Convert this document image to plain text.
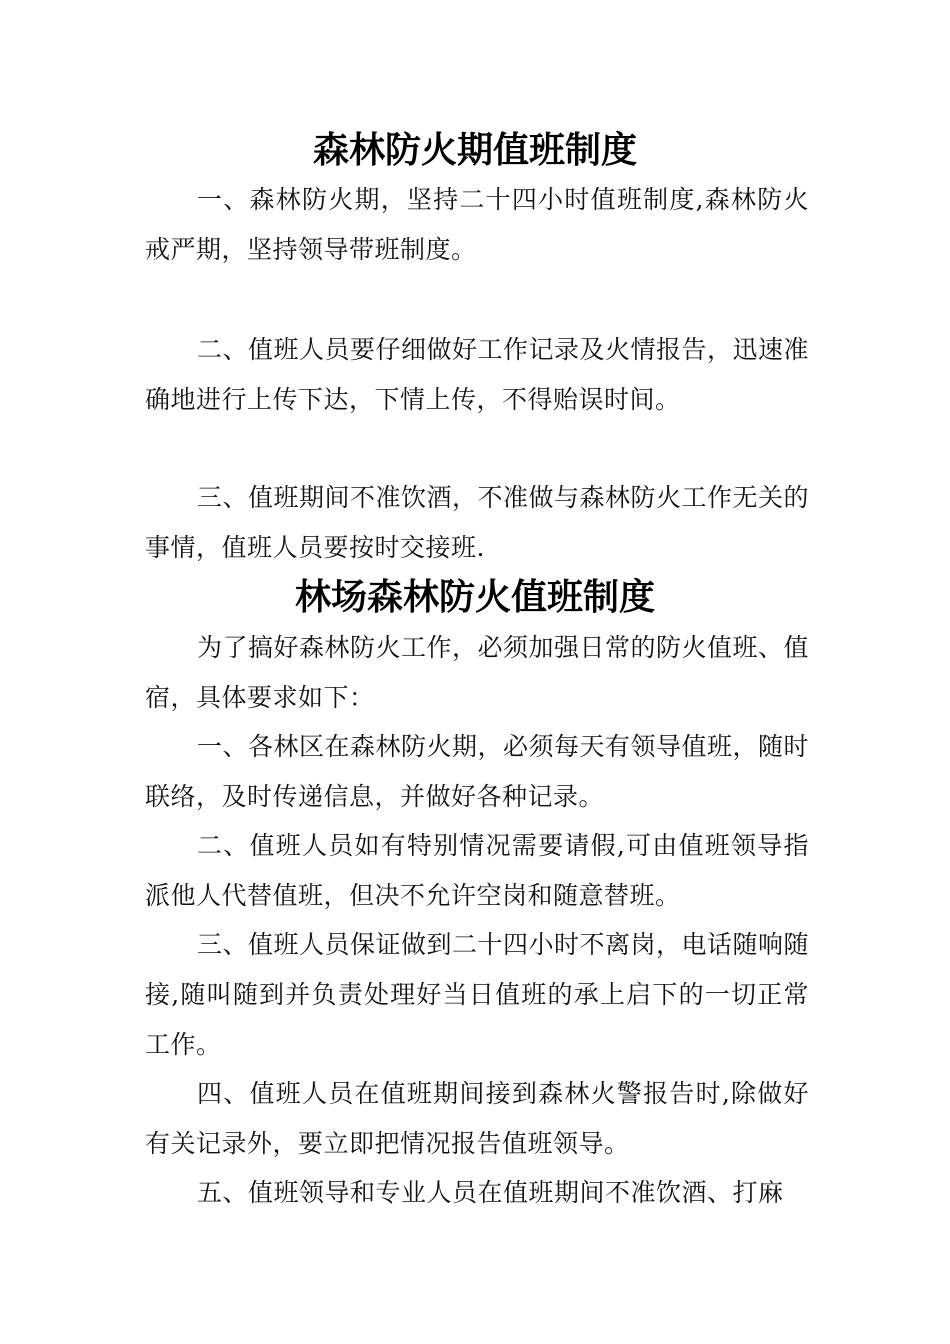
森林防火期值班制度

一、森林防火期，坚持二十四小时值班制度,森林防火戒严期，坚持领导带班制度。

二、值班人员要仔细做好工作记录及火情报告，迅速准确地进行上传下达，下情上传，不得贻误时间。

三、值班期间不准饮酒，不准做与森林防火工作无关的事情，值班人员要按时交接班.

林场森林防火值班制度

为了搞好森林防火工作，必须加强日常的防火值班、值宿，具体要求如下：

一、各林区在森林防火期，必须每天有领导值班，随时联络，及时传递信息，并做好各种记录。

二、值班人员如有特别情况需要请假,可由值班领导指派他人代替值班，但决不允许空岗和随意替班。

三、值班人员保证做到二十四小时不离岗，电话随响随接,随叫随到并负责处理好当日值班的承上启下的一切正常工作。

四、值班人员在值班期间接到森林火警报告时,除做好有关记录外，要立即把情况报告值班领导。

五、值班领导和专业人员在值班期间不准饮酒、打麻
